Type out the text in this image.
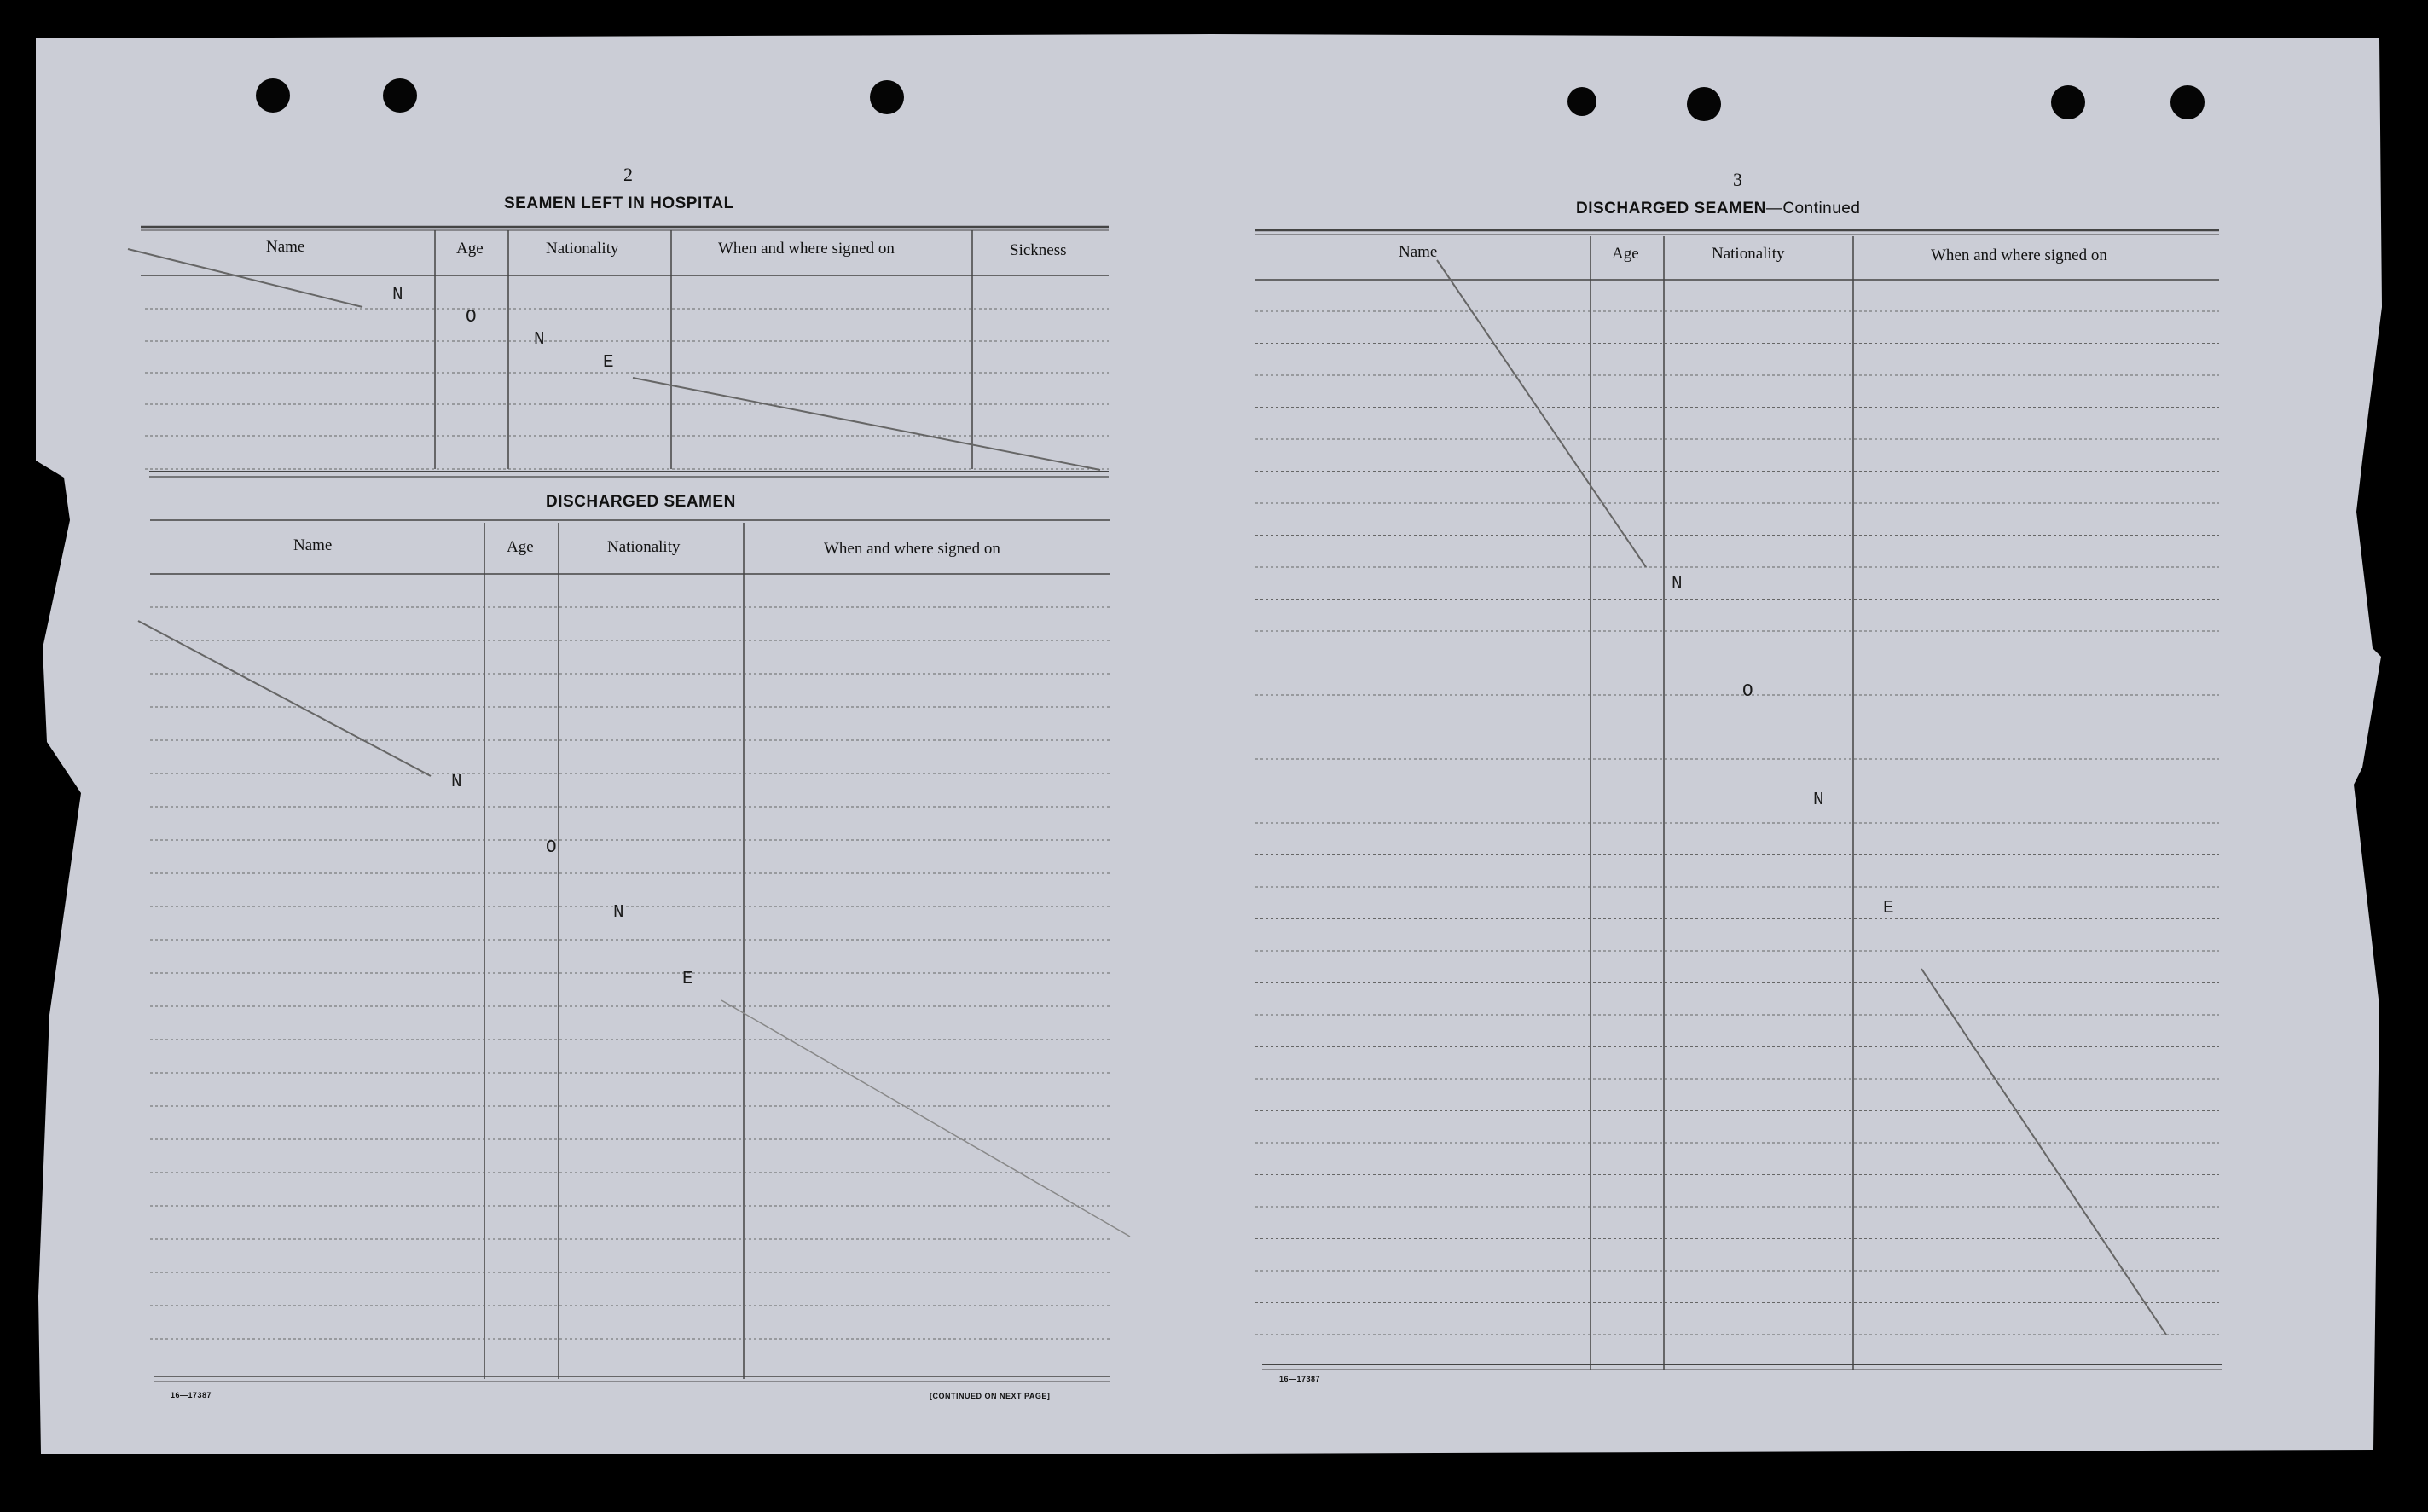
2
SEAMEN LEFT IN HOSPITAL
Name	Age	Nationality	When and where signed on	Sickness
N
O
N
E
DISCHARGED SEAMEN
Name	Age	Nationality	When and where signed on
N
O
N
E
16—17387	[CONTINUED ON NEXT PAGE]
3
DISCHARGED SEAMEN—Continued
Name	Age	Nationality	When and where signed on
N
O
N
E
16—17387
